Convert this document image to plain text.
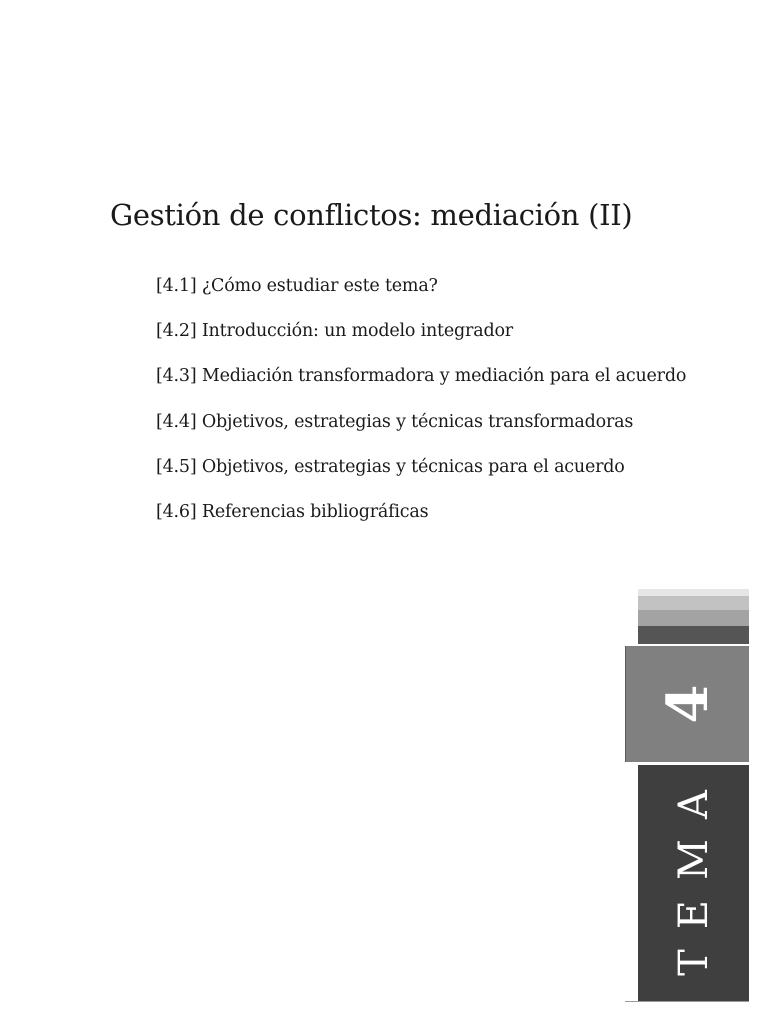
Gestión de conflictos: mediación (II)
[4.1] ¿Cómo estudiar este tema?
[4.2] Introducción: un modelo integrador
[4.3] Mediación transformadora y mediación para el acuerdo
[4.4] Objetivos, estrategias y técnicas transformadoras
[4.5] Objetivos, estrategias y técnicas para el acuerdo
[4.6] Referencias bibliográficas
4
TEMA
